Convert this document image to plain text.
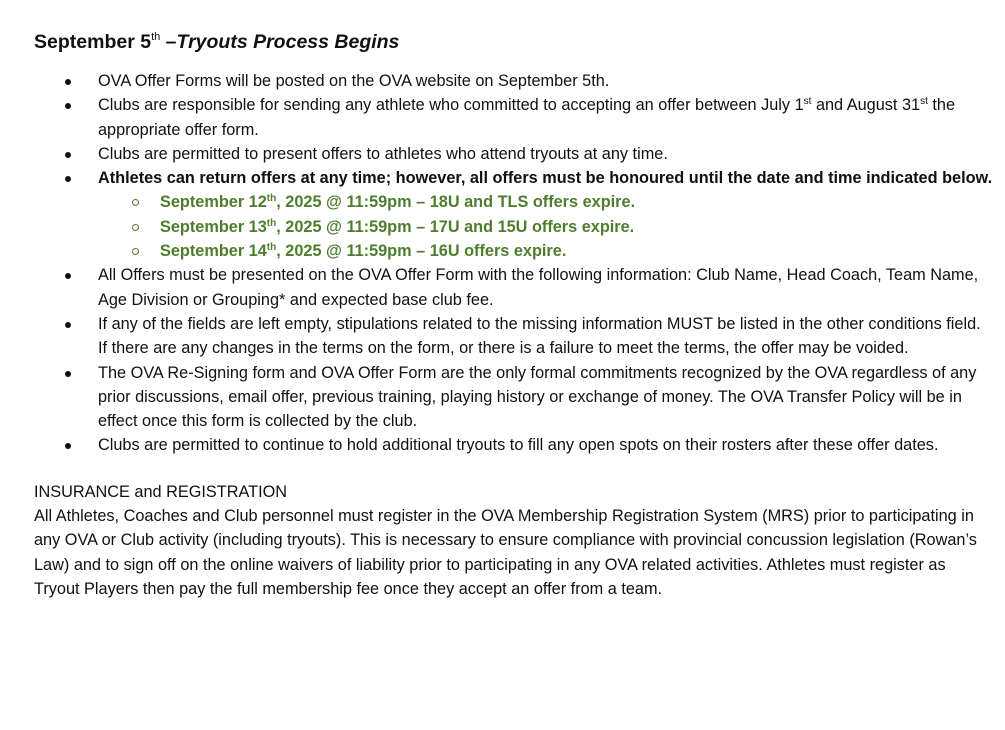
September 5th –Tryouts Process Begins
OVA Offer Forms will be posted on the OVA website on September 5th.
Clubs are responsible for sending any athlete who committed to accepting an offer between July 1st and August 31st the appropriate offer form.
Clubs are permitted to present offers to athletes who attend tryouts at any time.
Athletes can return offers at any time; however, all offers must be honoured until the date and time indicated below.
September 12th, 2025 @ 11:59pm – 18U and TLS offers expire.
September 13th, 2025 @ 11:59pm – 17U and 15U offers expire.
September 14th, 2025 @ 11:59pm – 16U offers expire.
All Offers must be presented on the OVA Offer Form with the following information: Club Name, Head Coach, Team Name, Age Division or Grouping* and expected base club fee.
If any of the fields are left empty, stipulations related to the missing information MUST be listed in the other conditions field. If there are any changes in the terms on the form, or there is a failure to meet the terms, the offer may be voided.
The OVA Re-Signing form and OVA Offer Form are the only formal commitments recognized by the OVA regardless of any prior discussions, email offer, previous training, playing history or exchange of money. The OVA Transfer Policy will be in effect once this form is collected by the club.
Clubs are permitted to continue to hold additional tryouts to fill any open spots on their rosters after these offer dates.
INSURANCE and REGISTRATION

All Athletes, Coaches and Club personnel must register in the OVA Membership Registration System (MRS) prior to participating in any OVA or Club activity (including tryouts). This is necessary to ensure compliance with provincial concussion legislation (Rowan’s Law) and to sign off on the online waivers of liability prior to participating in any OVA related activities. Athletes must register as Tryout Players then pay the full membership fee once they accept an offer from a team.
